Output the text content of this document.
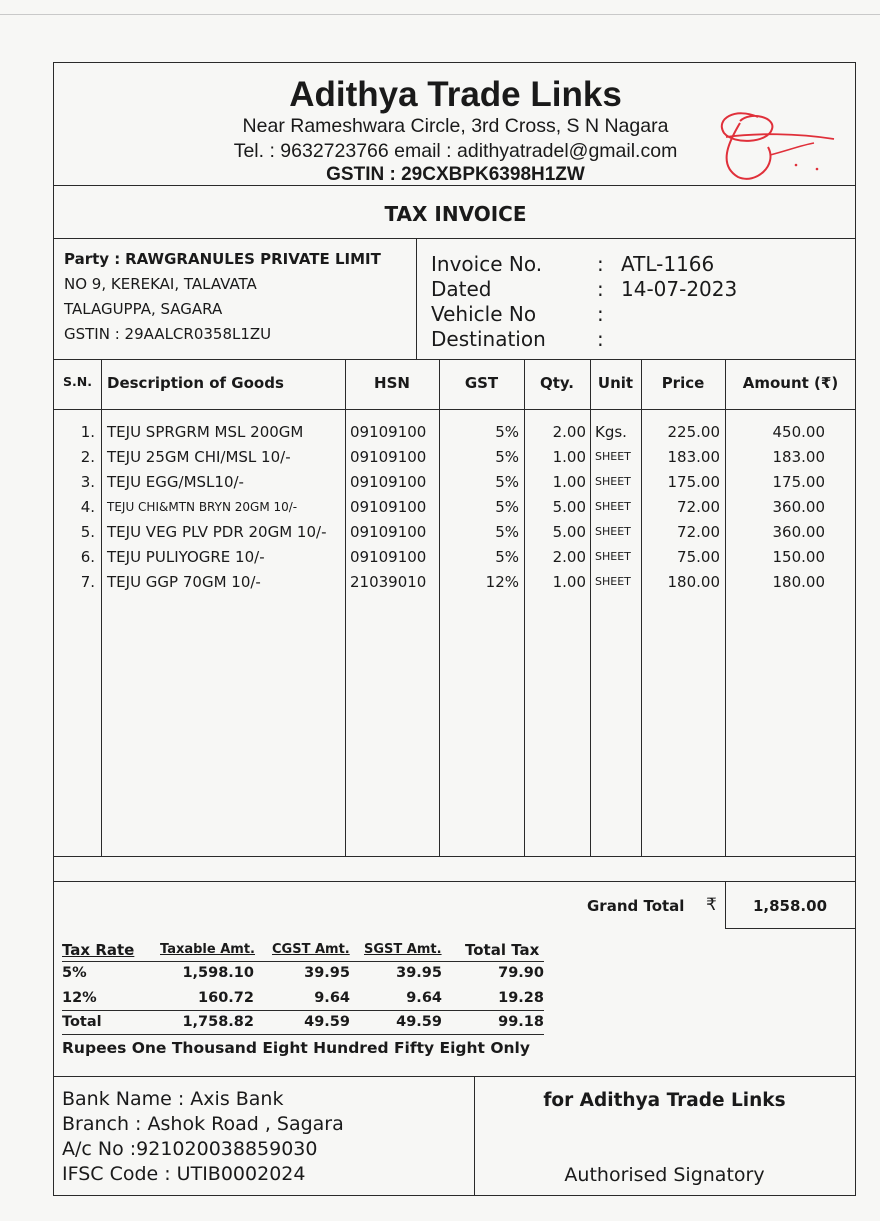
Adithya Trade Links
Near Rameshwara Circle, 3rd Cross, S N Nagara
Tel. : 9632723766 email : adithyatradel@gmail.com
GSTIN : 29CXBPK6398H1ZW
TAX INVOICE
Party : RAWGRANULES PRIVATE LIMIT
NO 9, KEREKAI, TALAVATA
TALAGUPPA, SAGARA
GSTIN : 29AALCR0358L1ZU
Invoice No.	: ATL-1166
Dated	: 14-07-2023
Vehicle No	:
Destination	:
S.N.	Description of Goods	HSN	GST	Qty.	Unit	Price	Amount (₹)
1. TEJU SPRGRM MSL 200GM	09109100	5%	2.00 Kgs.	225.00	450.00
2. TEJU 25GM CHI/MSL 10/-	09109100	5%	1.00 SHEET	183.00	183.00
3. TEJU EGG/MSL10/-	09109100	5%	1.00 SHEET	175.00	175.00
4. TEJU CHI&MTN BRYN 20GM 10/-	09109100	5%	5.00 SHEET	72.00	360.00
5. TEJU VEG PLV PDR 20GM 10/- 09109100	5%	5.00 SHEET	72.00	360.00
6. TEJU PULIYOGRE 10/-	09109100	5%	2.00 SHEET	75.00	150.00
7. TEJU GGP 70GM 10/-	21039010	12%	1.00 SHEET	180.00	180.00
Grand Total ₹	1,858.00
Tax Rate Taxable Amt. CGST Amt. SGST Amt. Total Tax
5%	1,598.10	39.95	39.95	79.90
12%	160.72	9.64	9.64	19.28
Total	1,758.82	49.59	49.59	99.18
Rupees One Thousand Eight Hundred Fifty Eight Only
Bank Name : Axis Bank
Branch : Ashok Road , Sagara
A/c No :921020038859030
IFSC Code : UTIB0002024
for Adithya Trade Links
Authorised Signatory
